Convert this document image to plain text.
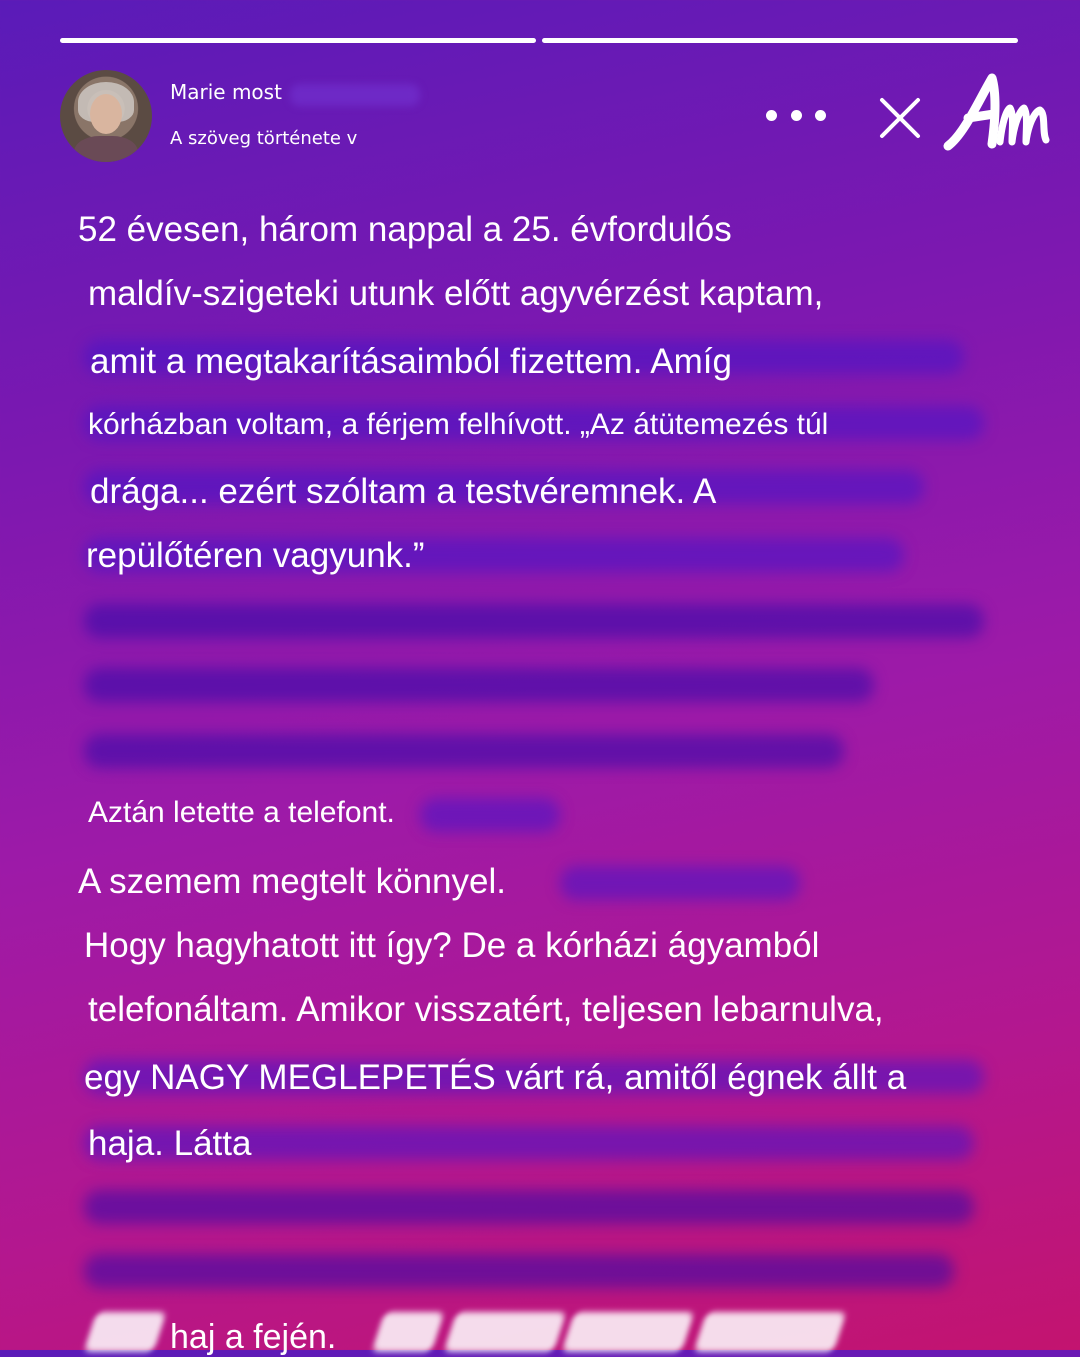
Marie most
A szöveg története v
52 évesen, három nappal a 25. évfordulós
maldív-szigeteki utunk előtt agyvérzést kaptam,
amit a megtakarításaimból fizettem. Amíg
kórházban voltam, a férjem felhívott. „Az átütemezés túl
drága... ezért szóltam a testvéremnek. A
repülőtéren vagyunk.”
Aztán letette a telefont.
A szemem megtelt könnyel.
Hogy hagyhatott itt így? De a kórházi ágyamból
telefonáltam. Amikor visszatért, teljesen lebarnulva,
egy NAGY MEGLEPETÉS várt rá, amitől égnek állt a
haja. Látta
haj a fején.
